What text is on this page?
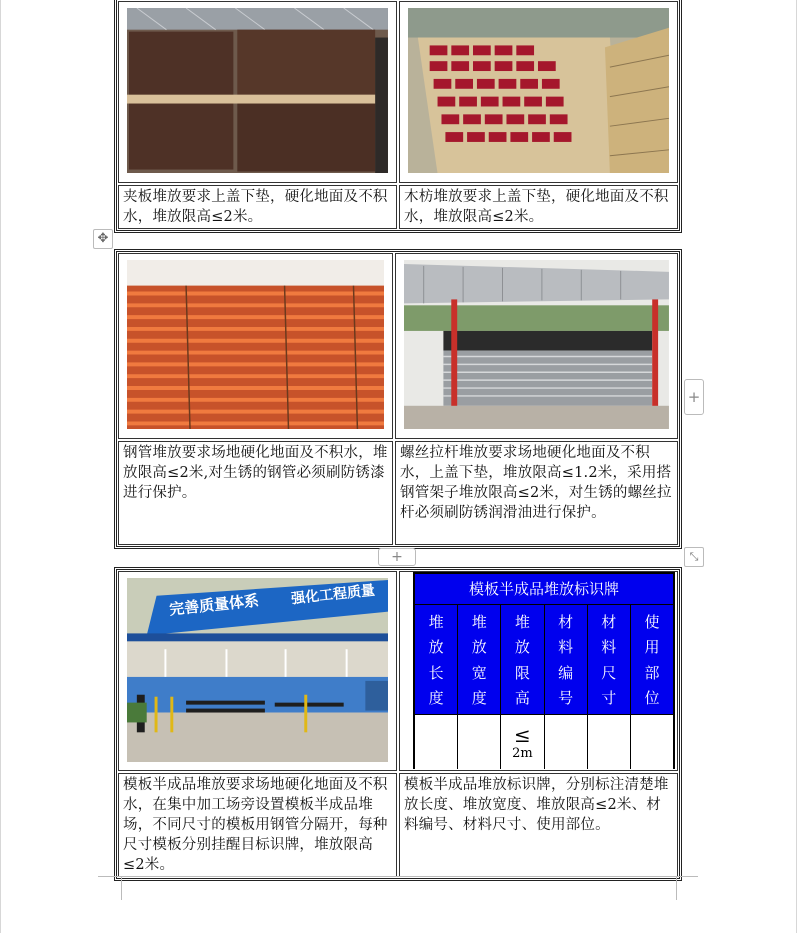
夹板堆放要求上盖下垫，硬化地面及不积水，堆放限高≤2米。
木枋堆放要求上盖下垫，硬化地面及不积水，堆放限高≤2米。
✥
钢管堆放要求场地硬化地面及不积水，堆放限高≤2米,对生锈的钢管必须刷防锈漆进行保护。
螺丝拉杆堆放要求场地硬化地面及不积水，上盖下垫，堆放限高≤1.2米，采用搭钢管架子堆放限高≤2米，对生锈的螺丝拉杆必须刷防锈润滑油进行保护。
+
+	⤡
完善质量体系 强化工程质量	模板半成品堆放标识牌
堆
放
长
度
堆
放
宽
度
堆
放
限
高
材
料
编
号
材
料
尺
寸
使
用
部
位
≤
2m
模板半成品堆放要求场地硬化地面及不积水，在集中加工场旁设置模板半成品堆场，不同尺寸的模板用钢管分隔开，每种尺寸模板分别挂醒目标识牌，堆放限高≤2米。
模板半成品堆放标识牌，分别标注清楚堆放长度、堆放宽度、堆放限高≤2米、材料编号、材料尺寸、使用部位。
